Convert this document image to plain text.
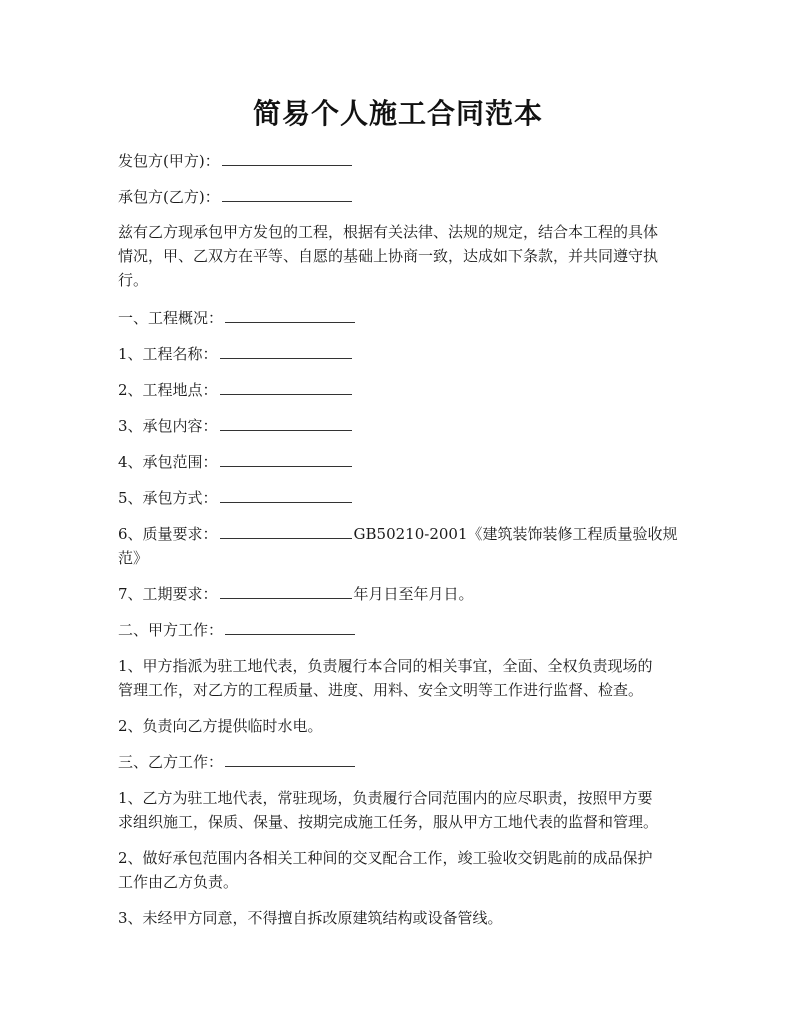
简易个人施工合同范本
发包方(甲方)：
承包方(乙方)：
兹有乙方现承包甲方发包的工程，根据有关法律、法规的规定，结合本工程的具体
情况，甲、乙双方在平等、自愿的基础上协商一致，达成如下条款，并共同遵守执
行。
一、工程概况：
1、工程名称：
2、工程地点：
3、承包内容：
4、承包范围：
5、承包方式：
6、质量要求：	GB50210-2001《建筑装饰装修工程质量验收规
范》
7、工期要求：	年月日至年月日。
二、甲方工作：
1、甲方指派为驻工地代表，负责履行本合同的相关事宜，全面、全权负责现场的
管理工作，对乙方的工程质量、进度、用料、安全文明等工作进行监督、检查。
2、负责向乙方提供临时水电。
三、乙方工作：
1、乙方为驻工地代表，常驻现场，负责履行合同范围内的应尽职责，按照甲方要
求组织施工，保质、保量、按期完成施工任务，服从甲方工地代表的监督和管理。
2、做好承包范围内各相关工种间的交叉配合工作，竣工验收交钥匙前的成品保护
工作由乙方负责。
3、未经甲方同意，不得擅自拆改原建筑结构或设备管线。
